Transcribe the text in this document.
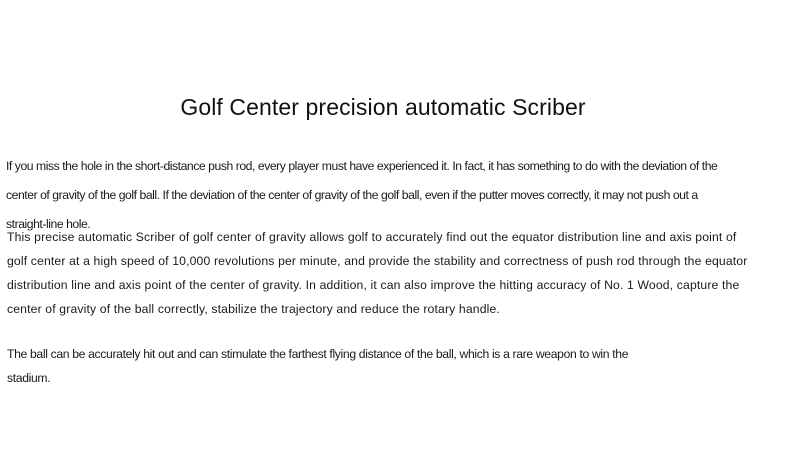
Golf Center precision automatic Scriber
If you miss the hole in the short-distance push rod, every player must have experienced it. In fact, it has something to do with the deviation of the
center of gravity of the golf ball. If the deviation of the center of gravity of the golf ball, even if the putter moves correctly, it may not push out a
straight-line hole.
This precise automatic Scriber of golf center of gravity allows golf to accurately find out the equator distribution line and axis point of
golf center at a high speed of 10,000 revolutions per minute, and provide the stability and correctness of push rod through the equator
distribution line and axis point of the center of gravity. In addition, it can also improve the hitting accuracy of No. 1 Wood, capture the
center of gravity of the ball correctly, stabilize the trajectory and reduce the rotary handle.
The ball can be accurately hit out and can stimulate the farthest flying distance of the ball, which is a rare weapon to win the
stadium.
